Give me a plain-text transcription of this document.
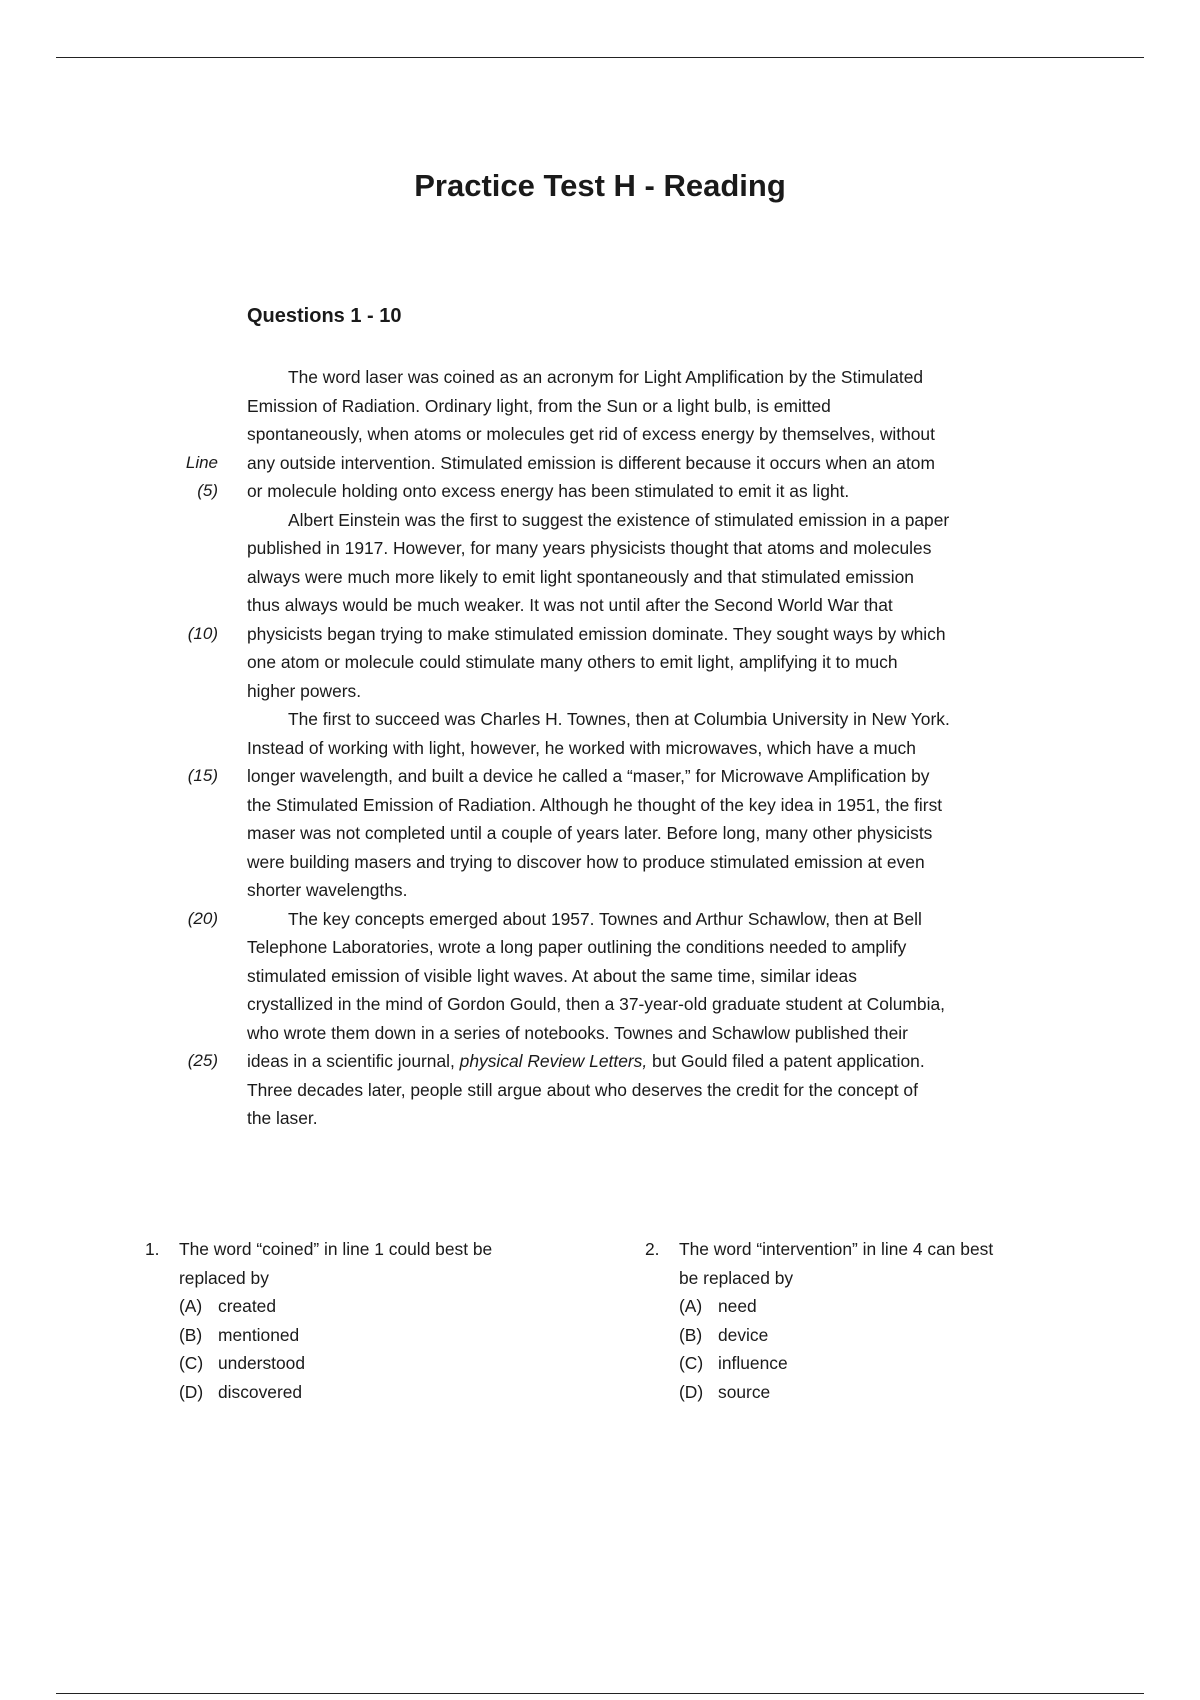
Practice Test H - Reading
Questions 1 - 10
The word laser was coined as an acronym for Light Amplification by the Stimulated
Emission of Radiation. Ordinary light, from the Sun or a light bulb, is emitted
spontaneously, when atoms or molecules get rid of excess energy by themselves, without
Line any outside intervention. Stimulated emission is different because it occurs when an atom
(5) or molecule holding onto excess energy has been stimulated to emit it as light.
Albert Einstein was the first to suggest the existence of stimulated emission in a paper
published in 1917. However, for many years physicists thought that atoms and molecules
always were much more likely to emit light spontaneously and that stimulated emission
thus always would be much weaker. It was not until after the Second World War that
(10) physicists began trying to make stimulated emission dominate. They sought ways by which
one atom or molecule could stimulate many others to emit light, amplifying it to much
higher powers.
The first to succeed was Charles H. Townes, then at Columbia University in New York.
Instead of working with light, however, he worked with microwaves, which have a much
(15) longer wavelength, and built a device he called a “maser,” for Microwave Amplification by
the Stimulated Emission of Radiation. Although he thought of the key idea in 1951, the first
maser was not completed until a couple of years later. Before long, many other physicists
were building masers and trying to discover how to produce stimulated emission at even
shorter wavelengths.
(20)	The key concepts emerged about 1957. Townes and Arthur Schawlow, then at Bell
Telephone Laboratories, wrote a long paper outlining the conditions needed to amplify
stimulated emission of visible light waves. At about the same time, similar ideas
crystallized in the mind of Gordon Gould, then a 37-year-old graduate student at Columbia,
who wrote them down in a series of notebooks. Townes and Schawlow published their
(25) ideas in a scientific journal, physical Review Letters, but Gould filed a patent application.
Three decades later, people still argue about who deserves the credit for the concept of
the laser.
1. The word “coined” in line 1 could best be
replaced by
(A) created
(B) mentioned
(C) understood
(D) discovered
2. The word “intervention” in line 4 can best
be replaced by
(A) need
(B) device
(C) influence
(D) source
